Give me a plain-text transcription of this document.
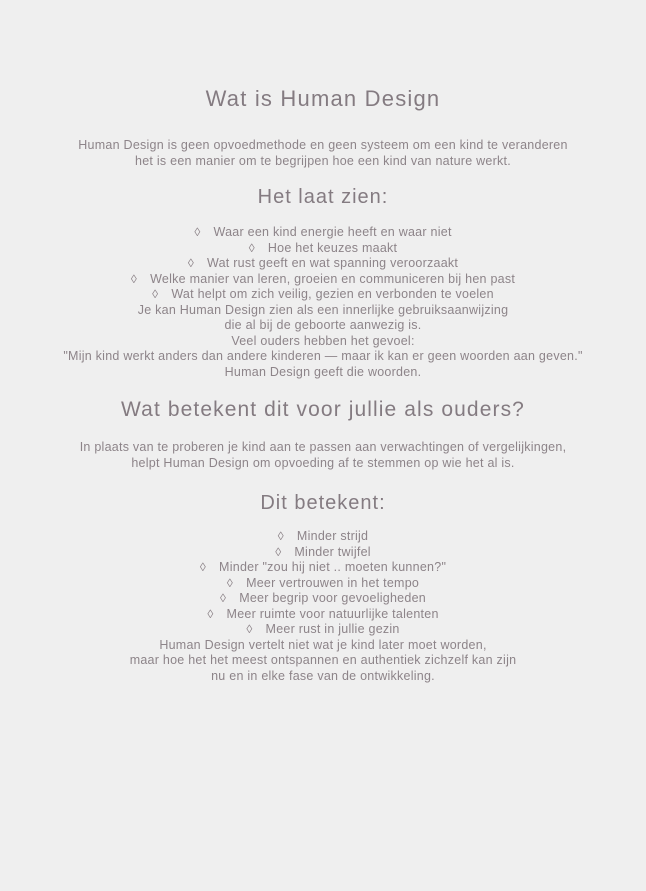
Wat is Human Design
Human Design is geen opvoedmethode en geen systeem om een kind te veranderen
het is een manier om te begrijpen hoe een kind van nature werkt.
Het laat zien:
◊ Waar een kind energie heeft en waar niet
◊ Hoe het keuzes maakt
◊ Wat rust geeft en wat spanning veroorzaakt
◊ Welke manier van leren, groeien en communiceren bij hen past
◊ Wat helpt om zich veilig, gezien en verbonden te voelen
Je kan Human Design zien als een innerlijke gebruiksaanwijzing
die al bij de geboorte aanwezig is.
Veel ouders hebben het gevoel:
"Mijn kind werkt anders dan andere kinderen — maar ik kan er geen woorden aan geven."
Human Design geeft die woorden.
Wat betekent dit voor jullie als ouders?
In plaats van te proberen je kind aan te passen aan verwachtingen of vergelijkingen,
helpt Human Design om opvoeding af te stemmen op wie het al is.
Dit betekent:
◊ Minder strijd
◊ Minder twijfel
◊ Minder "zou hij niet .. moeten kunnen?"
◊ Meer vertrouwen in het tempo
◊ Meer begrip voor gevoeligheden
◊ Meer ruimte voor natuurlijke talenten
◊ Meer rust in jullie gezin
Human Design vertelt niet wat je kind later moet worden,
maar hoe het het meest ontspannen en authentiek zichzelf kan zijn
nu en in elke fase van de ontwikkeling.
